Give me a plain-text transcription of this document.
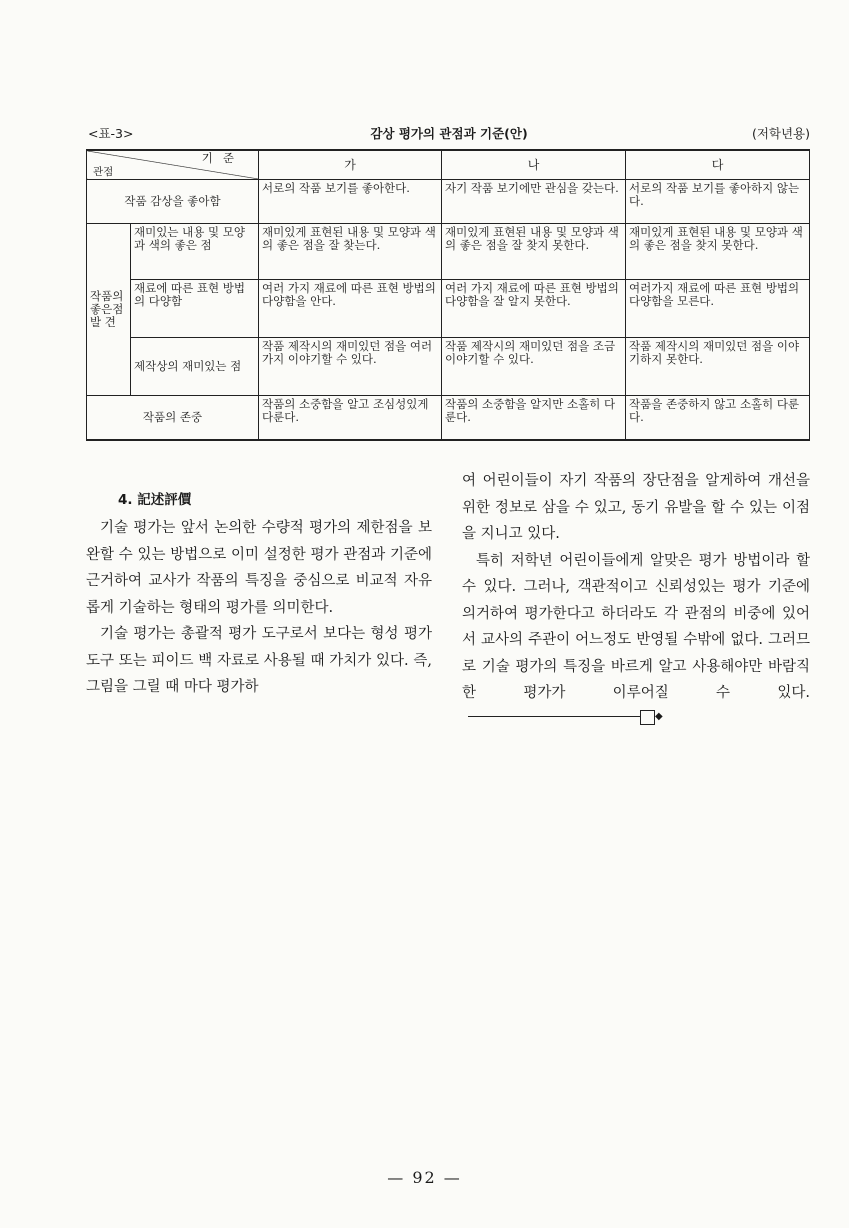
<표-3>	감상 평가의 관점과 기준(안)	(저학년용)
기준
관점		가	나	다
작품 감상을 좋아함		서로의 작품 보기를 좋아한다.	자기 작품 보기에만 관심을 갖는다.	서로의 작품 보기를 좋아하지 않는다.
작품의 좋은점 발 견	재미있는 내용 및 모양과 색의 좋은 점	재미있게 표현된 내용 및 모양과 색의 좋은 점을 잘 찾는다.	재미있게 표현된 내용 및 모양과 색의 좋은 점을 잘 찾지 못한다.	재미있게 표현된 내용 및 모양과 색의 좋은 점을 찾지 못한다.
	재료에 따른 표현 방법의 다양함	여러 가지 재료에 따른 표현 방법의 다양함을 안다.	여러 가지 재료에 따른 표현 방법의 다양함을 잘 알지 못한다.	여러가지 재료에 따른 표현 방법의 다양함을 모른다.
	제작상의 재미있는 점	작품 제작시의 재미있던 점을 여러 가지 이야기할 수 있다.	작품 제작시의 재미있던 점을 조금 이야기할 수 있다.	작품 제작시의 재미있던 점을 이야기하지 못한다.
작품의 존중		작품의 소중함을 알고 조심성있게 다룬다.	작품의 소중함을 알지만 소홀히 다룬다.	작품을 존중하지 않고 소홀히 다룬다.
4. 記述評價

기술 평가는 앞서 논의한 수량적 평가의 제한점을 보완할 수 있는 방법으로 이미 설정한 평가 관점과 기준에 근거하여 교사가 작품의 특징을 중심으로 비교적 자유롭게 기술하는 형태의 평가를 의미한다.

기술 평가는 총괄적 평가 도구로서 보다는 형성 평가 도구 또는 피이드 백 자료로 사용될 때 가치가 있다. 즉, 그림을 그릴 때 마다 평가하

여 어린이들이 자기 작품의 장단점을 알게하여 개선을 위한 정보로 삼을 수 있고, 동기 유발을 할 수 있는 이점을 지니고 있다.

특히 저학년 어린이들에게 알맞은 평가 방법이라 할 수 있다. 그러나, 객관적이고 신뢰성있는 평가 기준에 의거하여 평가한다고 하더라도 각 관점의 비중에 있어서 교사의 주관이 어느정도 반영될 수밖에 없다. 그러므로 기술 평가의 특징을 바르게 알고 사용해야만 바람직한 평가가 이루어질 수 있다.◆

— 92 —
